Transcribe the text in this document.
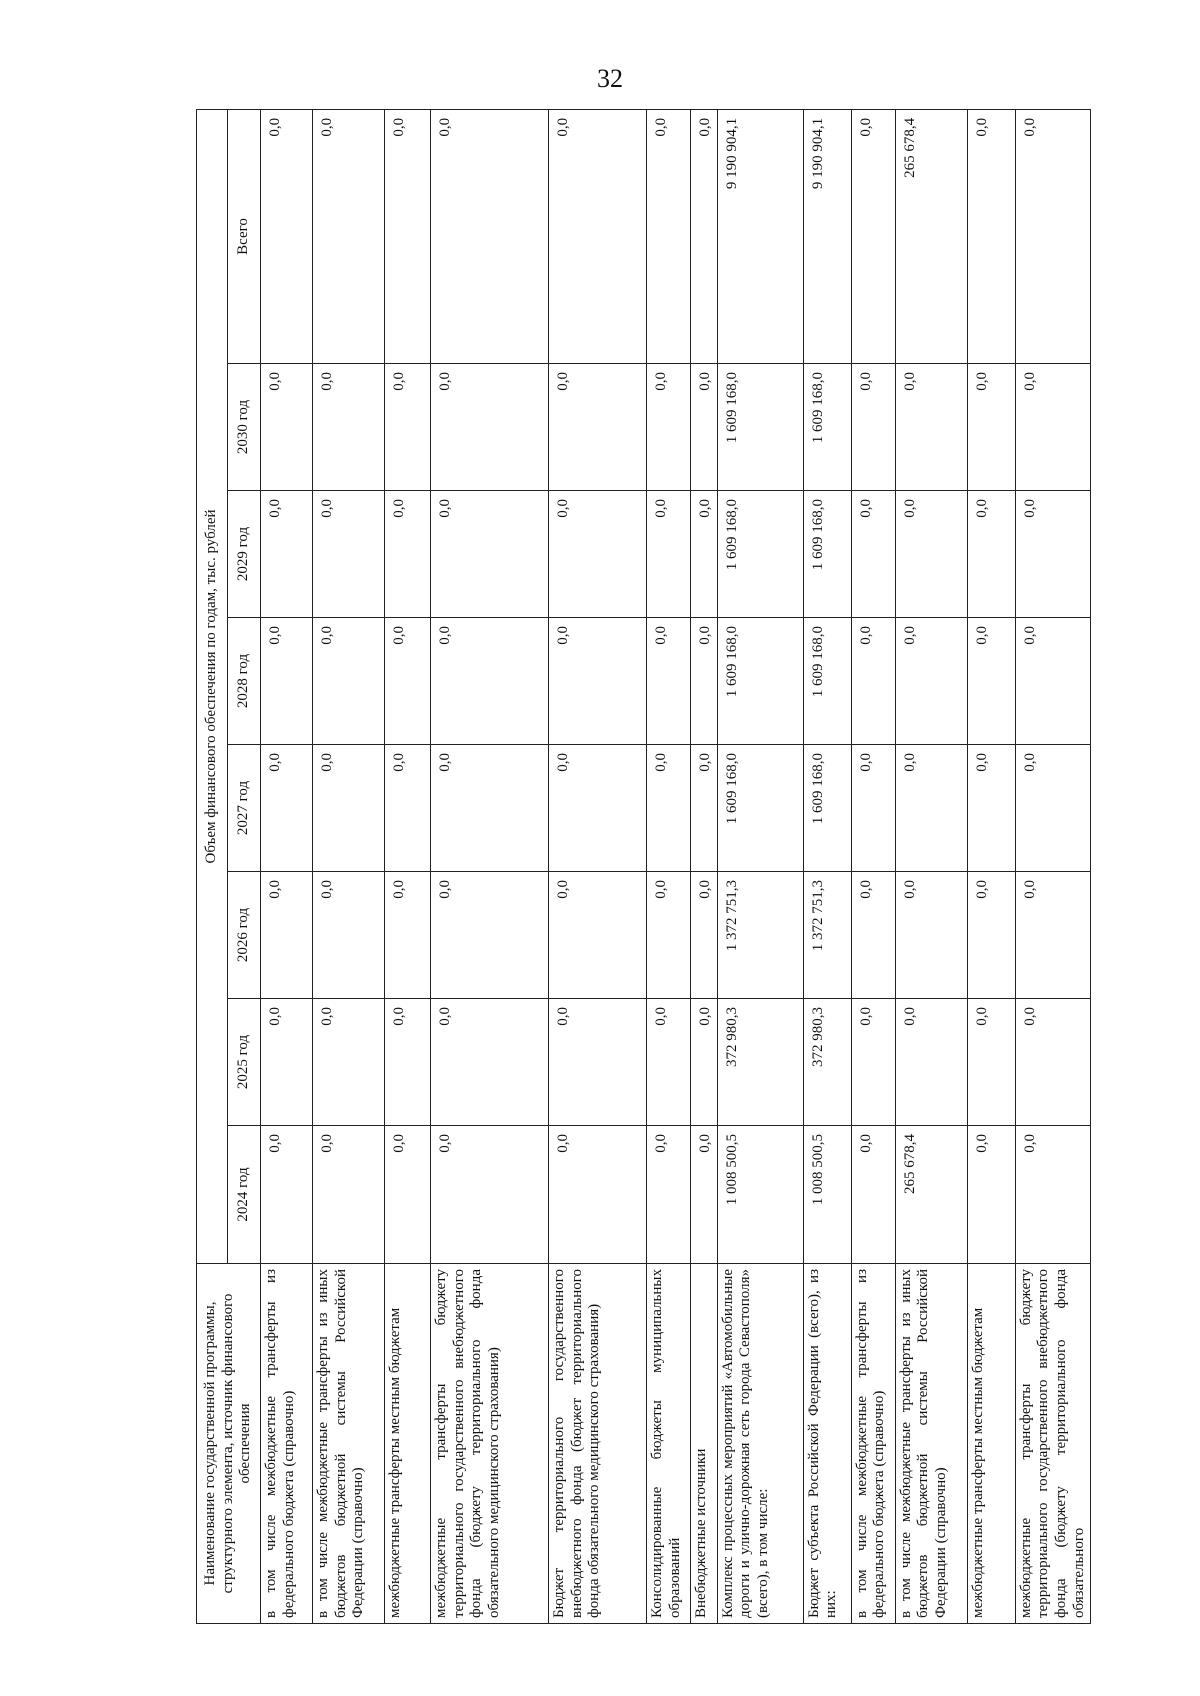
32
Наименование государственной программы, структурного элемента, источник финансового обеспечения	Объем финансового обеспечения по годам, тыс. рублей							
	2024 год	2025 год	2026 год	2027 год	2028 год	2029 год	2030 год	Всего
в том числе межбюджетные трансферты из федерального бюджета (справочно)	0,0	0,0	0,0	0,0	0,0	0,0	0,0	0,0
в том числе межбюджетные трансферты из иных бюджетов бюджетной системы Российской Федерации (справочно)	0,0	0,0	0,0	0,0	0,0	0,0	0,0	0,0
межбюджетные трансферты местным бюджетам	0,0	0,0	0,0	0,0	0,0	0,0	0,0	0,0
межбюджетные трансферты бюджету территориального государственного внебюджетного фонда (бюджету территориального фонда обязательного медицинского страхования)	0,0	0,0	0,0	0,0	0,0	0,0	0,0	0,0
Бюджет территориального государственного внебюджетного фонда (бюджет территориального фонда обязательного медицинского страхования)	0,0	0,0	0,0	0,0	0,0	0,0	0,0	0,0
Консолидированные бюджеты муниципальных образований	0,0	0,0	0,0	0,0	0,0	0,0	0,0	0,0
Внебюджетные источники	0,0	0,0	0,0	0,0	0,0	0,0	0,0	0,0
Комплекс процессных мероприятий «Автомобильные дороги и улично-дорожная сеть города Севастополя» (всего), в том числе:	1 008 500,5	372 980,3	1 372 751,3	1 609 168,0	1 609 168,0	1 609 168,0	1 609 168,0	9 190 904,1
Бюджет субъекта Российской Федерации (всего), из них:	1 008 500,5	372 980,3	1 372 751,3	1 609 168,0	1 609 168,0	1 609 168,0	1 609 168,0	9 190 904,1
в том числе межбюджетные трансферты из федерального бюджета (справочно)	0,0	0,0	0,0	0,0	0,0	0,0	0,0	0,0
в том числе межбюджетные трансферты из иных бюджетов бюджетной системы Российской Федерации (справочно)	265 678,4	0,0	0,0	0,0	0,0	0,0	0,0	265 678,4
межбюджетные трансферты местным бюджетам	0,0	0,0	0,0	0,0	0,0	0,0	0,0	0,0
межбюджетные трансферты бюджету территориального государственного внебюджетного фонда (бюджету территориального фонда обязательного	0,0	0,0	0,0	0,0	0,0	0,0	0,0	0,0
